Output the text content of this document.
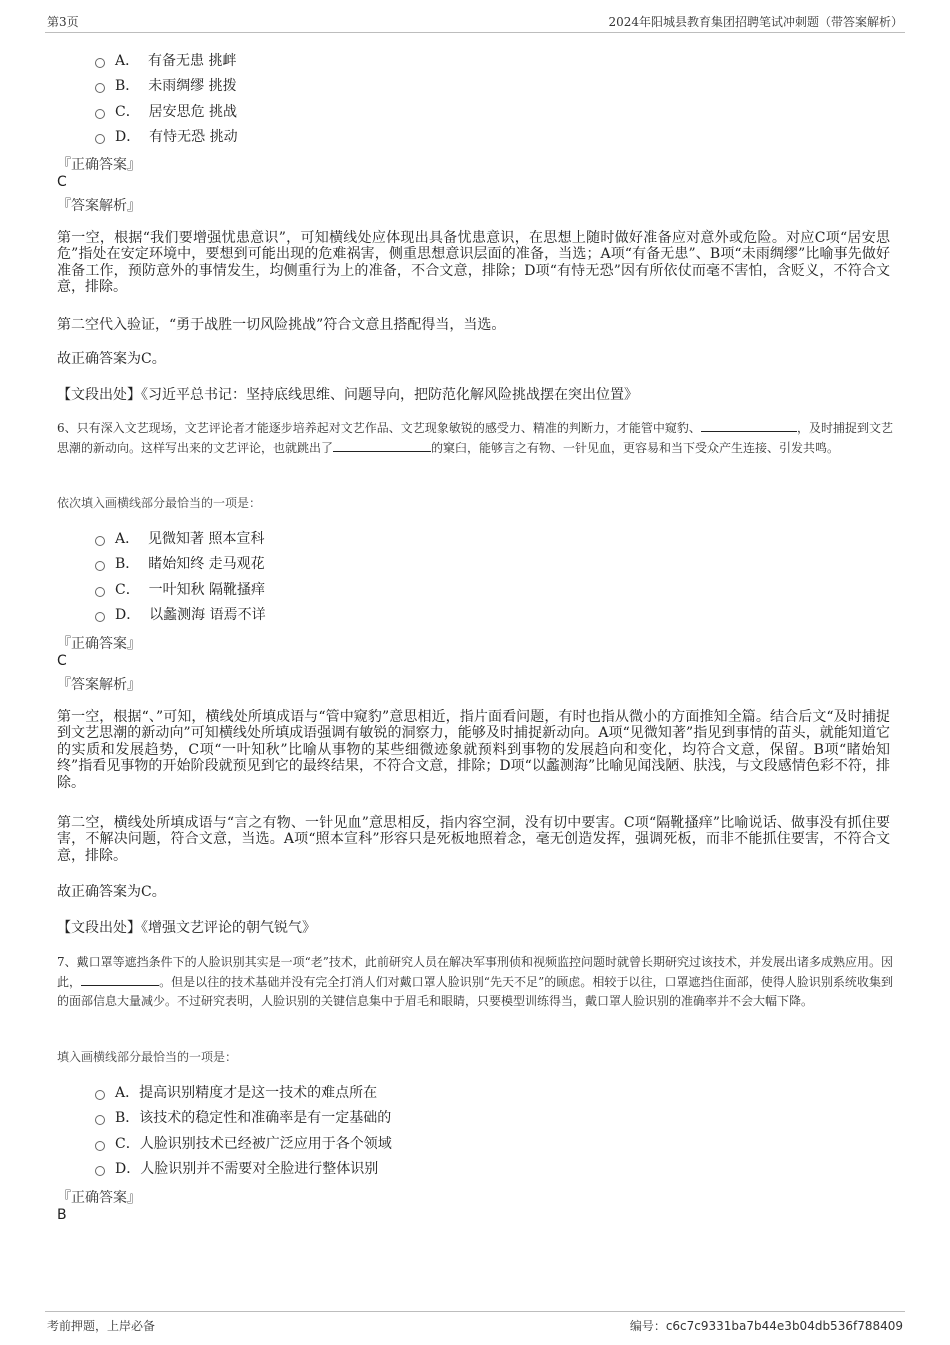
第3页	2024年阳城县教育集团招聘笔试冲刺题（带答案解析）
A．  有备无患 挑衅
B．  未雨绸缪 挑拨
C．  居安思危 挑战
D．  有恃无恐 挑动
『正确答案』
C
『答案解析』
第一空，根据“我们要增强忧患意识”，可知横线处应体现出具备忧患意识，在思想上随时做好准备应对意外或危险。对应C项“居安思危”指处在安定环境中，要想到可能出现的危难祸害，侧重思想意识层面的准备，当选；A项“有备无患”、B项“未雨绸缪”比喻事先做好准备工作，预防意外的事情发生，均侧重行为上的准备，不合文意，排除；D项“有恃无恐”因有所依仗而毫不害怕，含贬义，不符合文意，排除。
第二空代入验证，“勇于战胜一切风险挑战”符合文意且搭配得当，当选。
故正确答案为C。
【文段出处】《习近平总书记：坚持底线思维、问题导向，把防范化解风险挑战摆在突出位置》
6、只有深入文艺现场，文艺评论者才能逐步培养起对文艺作品、文艺现象敏锐的感受力、精准的判断力，才能管中窥豹、	，及时捕捉到文艺思潮的新动向。这样写出来的文艺评论，也就跳出了	的窠臼，能够言之有物、一针见血，更容易和当下受众产生连接、引发共鸣。
依次填入画横线部分最恰当的一项是：
A．  见微知著 照本宣科
B．  睹始知终 走马观花
C．  一叶知秋 隔靴搔痒
D．  以蠡测海 语焉不详
『正确答案』
C
『答案解析』
第一空，根据“、”可知，横线处所填成语与“管中窥豹”意思相近，指片面看问题，有时也指从微小的方面推知全篇。结合后文“及时捕捉到文艺思潮的新动向”可知横线处所填成语强调有敏锐的洞察力，能够及时捕捉新动向。A项“见微知著”指见到事情的苗头，就能知道它的实质和发展趋势，C项“一叶知秋”比喻从事物的某些细微迹象就预料到事物的发展趋向和变化，均符合文意，保留。B项“睹始知终”指看见事物的开始阶段就预见到它的最终结果，不符合文意，排除；D项“以蠡测海”比喻见闻浅陋、肤浅，与文段感情色彩不符，排除。
第二空，横线处所填成语与“言之有物、一针见血”意思相反，指内容空洞，没有切中要害。C项“隔靴搔痒”比喻说话、做事没有抓住要害，不解决问题，符合文意，当选。A项“照本宣科”形容只是死板地照着念，毫无创造发挥，强调死板，而非不能抓住要害，不符合文意，排除。
故正确答案为C。
【文段出处】《增强文艺评论的朝气锐气》
7、戴口罩等遮挡条件下的人脸识别其实是一项“老”技术，此前研究人员在解决军事刑侦和视频监控问题时就曾长期研究过该技术，并发展出诸多成熟应用。因此，	。但是以往的技术基础并没有完全打消人们对戴口罩人脸识别“先天不足”的顾虑。相较于以往，口罩遮挡住面部，使得人脸识别系统收集到的面部信息大量减少。不过研究表明，人脸识别的关键信息集中于眉毛和眼睛，只要模型训练得当，戴口罩人脸识别的准确率并不会大幅下降。
填入画横线部分最恰当的一项是：
A．提高识别精度才是这一技术的难点所在
B．该技术的稳定性和准确率是有一定基础的
C．人脸识别技术已经被广泛应用于各个领域
D．人脸识别并不需要对全脸进行整体识别
『正确答案』
B
考前押题，上岸必备	编号：c6c7c9331ba7b44e3b04db536f788409
